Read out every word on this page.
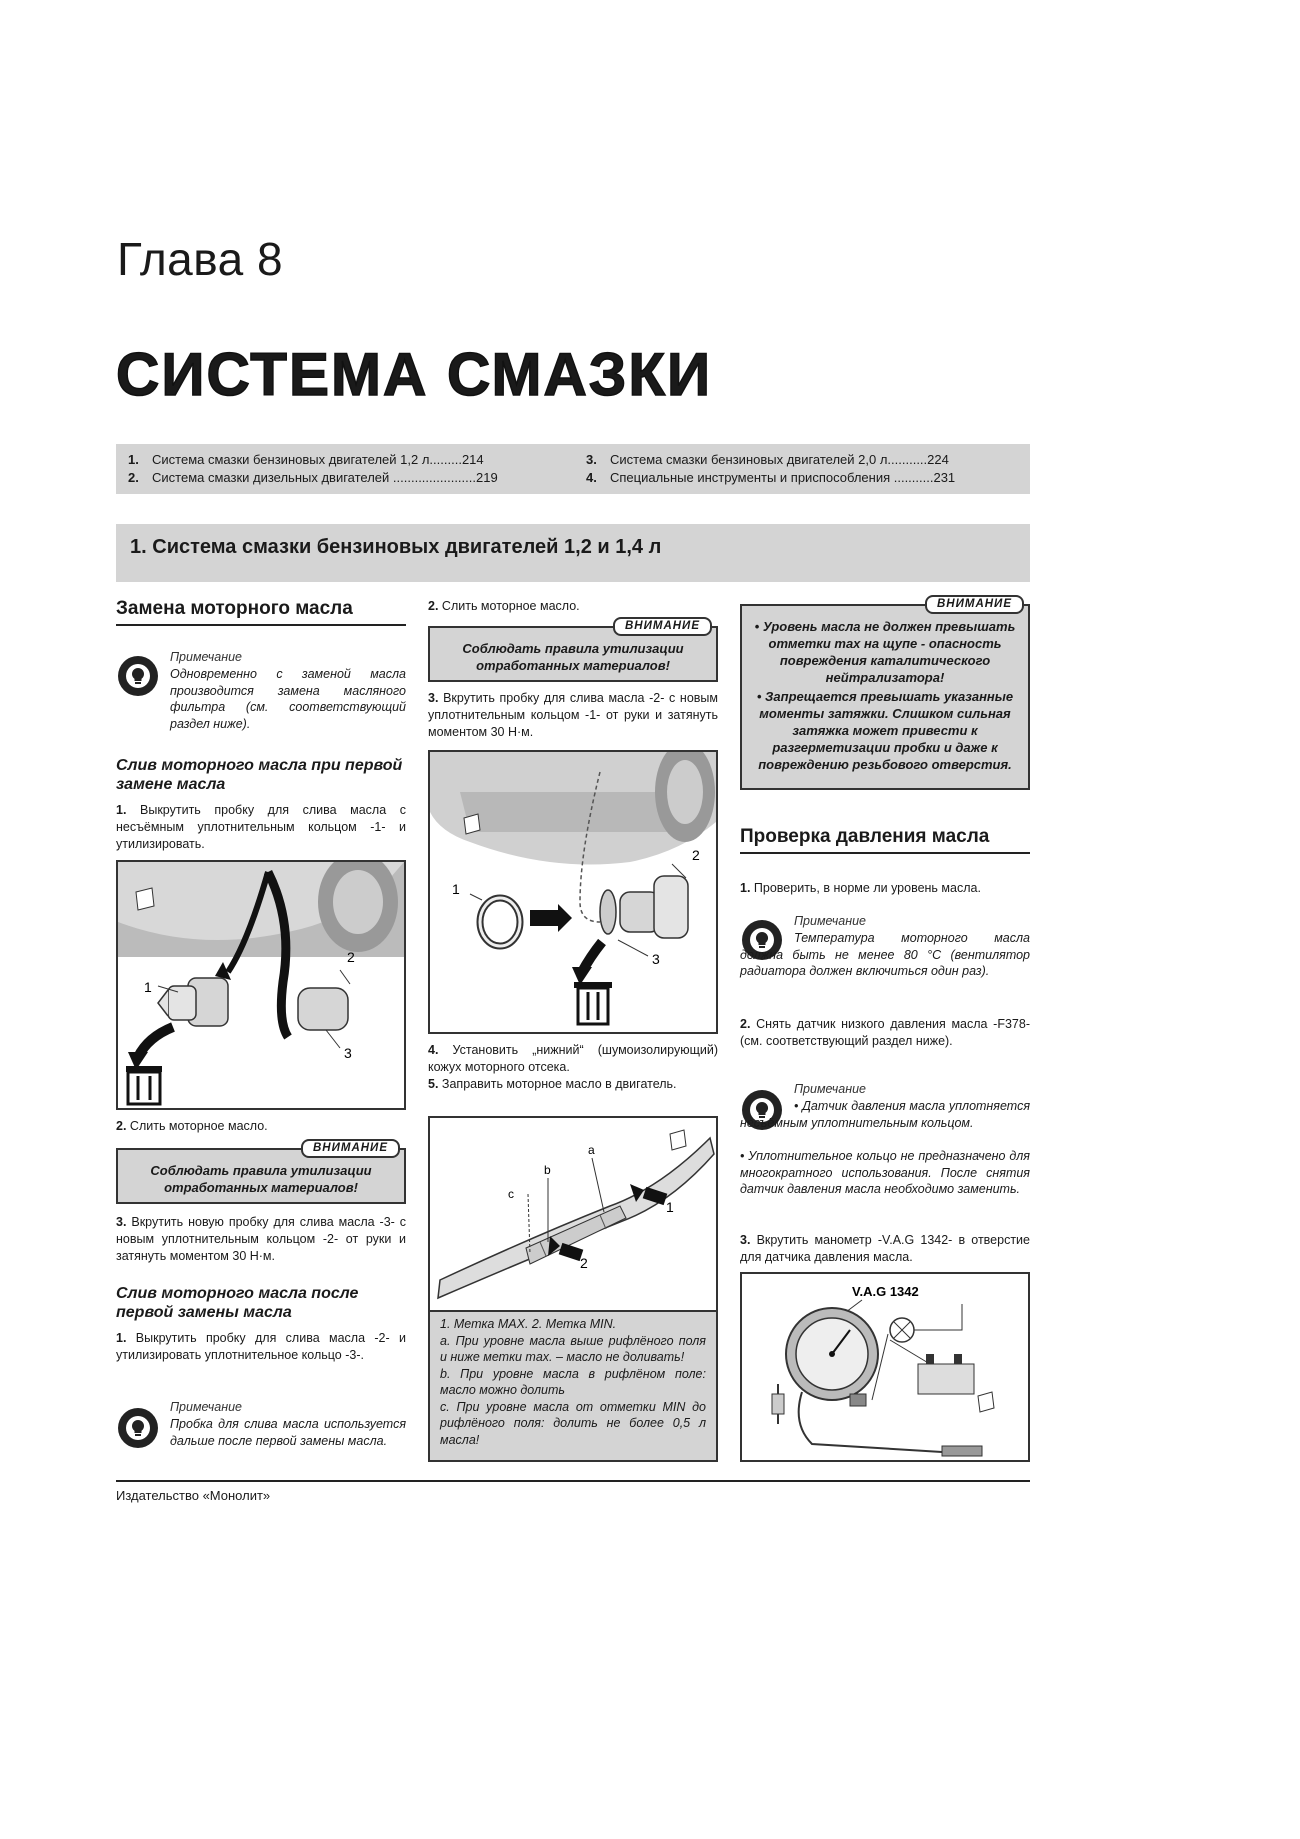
Глава 8
СИСТЕМА СМАЗКИ
1. Система смазки бензиновых двигателей 1,2 л.........214
2. Система смазки дизельных двигателей .......................219
3. Система смазки бензиновых двигателей 2,0 л...........224
4. Специальные инструменты и приспособления ...........231
1. Система смазки бензиновых двигателей 1,2 и 1,4 л
Замена моторного масла
Примечание
Одновременно с заменой масла производится замена масляного фильтра (см. соответствующий раздел ниже).
Слив моторного масла при первой замене масла
1. Выкрутить пробку для слива масла с несъёмным уплотнительным кольцом -1- и утилизировать.
1
2
3
2. Слить моторное масло.
ВНИМАНИЕ
Соблюдать правила утилизации отработанных материалов!
3. Вкрутить новую пробку для слива масла -3- с новым уплотнительным кольцом -2- от руки и затянуть моментом 30 Н·м.
Слив моторного масла после первой замены масла
1. Выкрутить пробку для слива масла -2- и утилизировать уплотнительное кольцо -3-.
Примечание
Пробка для слива масла используется дальше после первой замены масла.
2. Слить моторное масло.
ВНИМАНИЕ
Соблюдать правила утилизации отработанных материалов!
3. Вкрутить пробку для слива масла -2- с новым уплотнительным кольцом -1- от руки и затянуть моментом 30 Н·м.
1
2
3
4. Установить „нижний“ (шумоизолирующий) кожух моторного отсека.
5. Заправить моторное масло в двигатель.
c
b
a
1
2
1. Метка MAX. 2. Метка MIN.
a. При уровне масла выше рифлёного поля и ниже метки max. – масло не доливать!
b. При уровне масла в рифлёном поле: масло можно долить
c. При уровне масла от отметки MIN до рифлёного поля: долить не более 0,5 л масла!
ВНИМАНИЕ
• Уровень масла не должен превышать отметки max на щупе - опасность повреждения каталитического нейтрализатора!
• Запрещается превышать указанные моменты затяжки. Слишком сильная затяжка может привести к разгерметизации пробки и даже к повреждению резьбового отверстия.
Проверка давления масла
1. Проверить, в норме ли уровень масла.
Примечание
Температура моторного масла должна быть не менее 80 °C (вентилятор радиатора должен включиться один раз).
2. Снять датчик низкого давления масла -F378- (см. соответствующий раздел ниже).
Примечание
• Датчик давления масла уплотняется несъёмным уплотнительным кольцом.
• Уплотнительное кольцо не предназначено для многократного использования. После снятия датчик давления масла необходимо заменить.
3. Вкрутить манометр -V.A.G 1342- в отверстие для датчика давления масла.
V.A.G 1342
Издательство «Монолит»
